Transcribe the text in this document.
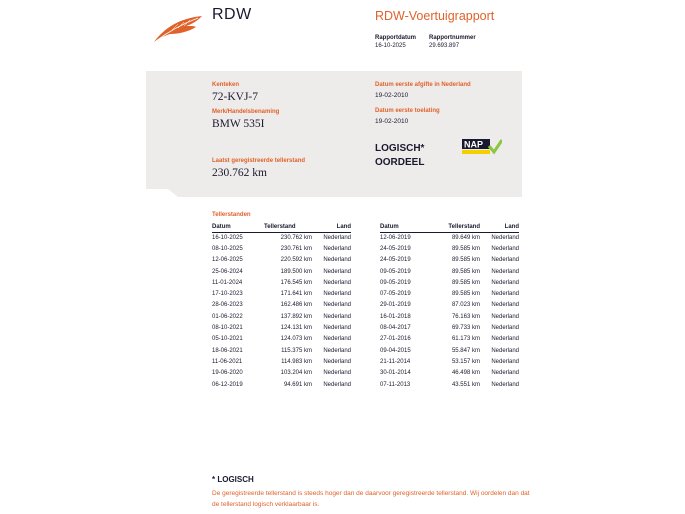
RDW	RDW-Voertuigrapport
Rapportdatum
16-10-2025
Rapportnummer
29.693.897
Kenteken
72-KVJ-7
Merk/Handelsbenaming
BMW 535I
Laatst geregistreerde tellerstand
230.762 km
Datum eerste afgifte in Nederland
19-02-2010
Datum eerste toelating
19-02-2010
LOGISCH*
OORDEEL
NAP
Tellerstanden
Datum	Tellerstand	Land
16-10-2025	230.762 km	Nederland
08-10-2025	230.761 km	Nederland
12-06-2025	220.592 km	Nederland
25-06-2024	189.500 km	Nederland
11-01-2024	176.545 km	Nederland
17-10-2023	171.641 km	Nederland
28-06-2023	162.486 km	Nederland
01-06-2022	137.892 km	Nederland
08-10-2021	124.131 km	Nederland
05-10-2021	124.073 km	Nederland
18-06-2021	115.375 km	Nederland
11-06-2021	114.983 km	Nederland
19-06-2020	103.204 km	Nederland
06-12-2019	94.691 km	Nederland
Datum	Tellerstand	Land
12-06-2019	89.649 km	Nederland
24-05-2019	89.585 km	Nederland
24-05-2019	89.585 km	Nederland
09-05-2019	89.585 km	Nederland
09-05-2019	89.585 km	Nederland
07-05-2019	89.585 km	Nederland
29-01-2019	87.023 km	Nederland
16-01-2018	76.163 km	Nederland
08-04-2017	69.733 km	Nederland
27-01-2016	61.173 km	Nederland
09-04-2015	55.847 km	Nederland
21-11-2014	53.157 km	Nederland
30-01-2014	46.498 km	Nederland
07-11-2013	43.551 km	Nederland
* LOGISCH
De geregistreerde tellerstand is steeds hoger dan de daarvoor geregistreerde tellerstand. Wij oordelen dan dat de tellerstand logisch verklaarbaar is.
